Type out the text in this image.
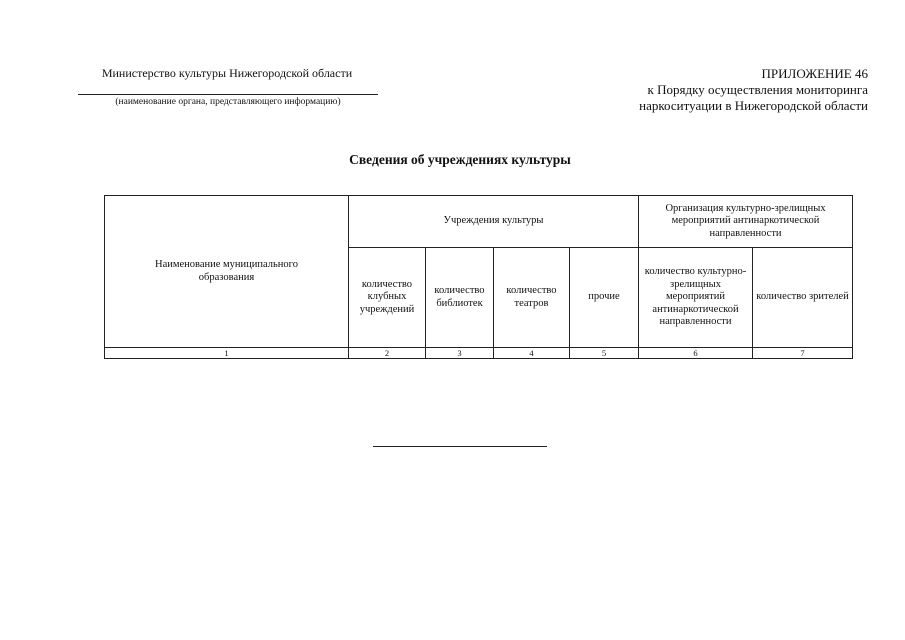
Министерство культуры Нижегородской области
(наименование органа, представляющего информацию)
ПРИЛОЖЕНИЕ 46
к Порядку осуществления мониторинга
наркоситуации в Нижегородской области
Сведения об учреждениях культуры
Наименование муниципального образования	Учреждения культуры				Организация культурно-зрелищных мероприятий антинаркотической направленности	
	количество клубных учреждений	количество библиотек	количество театров	прочие	количество культурно-зрелищных мероприятий антинаркотической направленности	количество зрителей
1	2	3	4	5	6	7
